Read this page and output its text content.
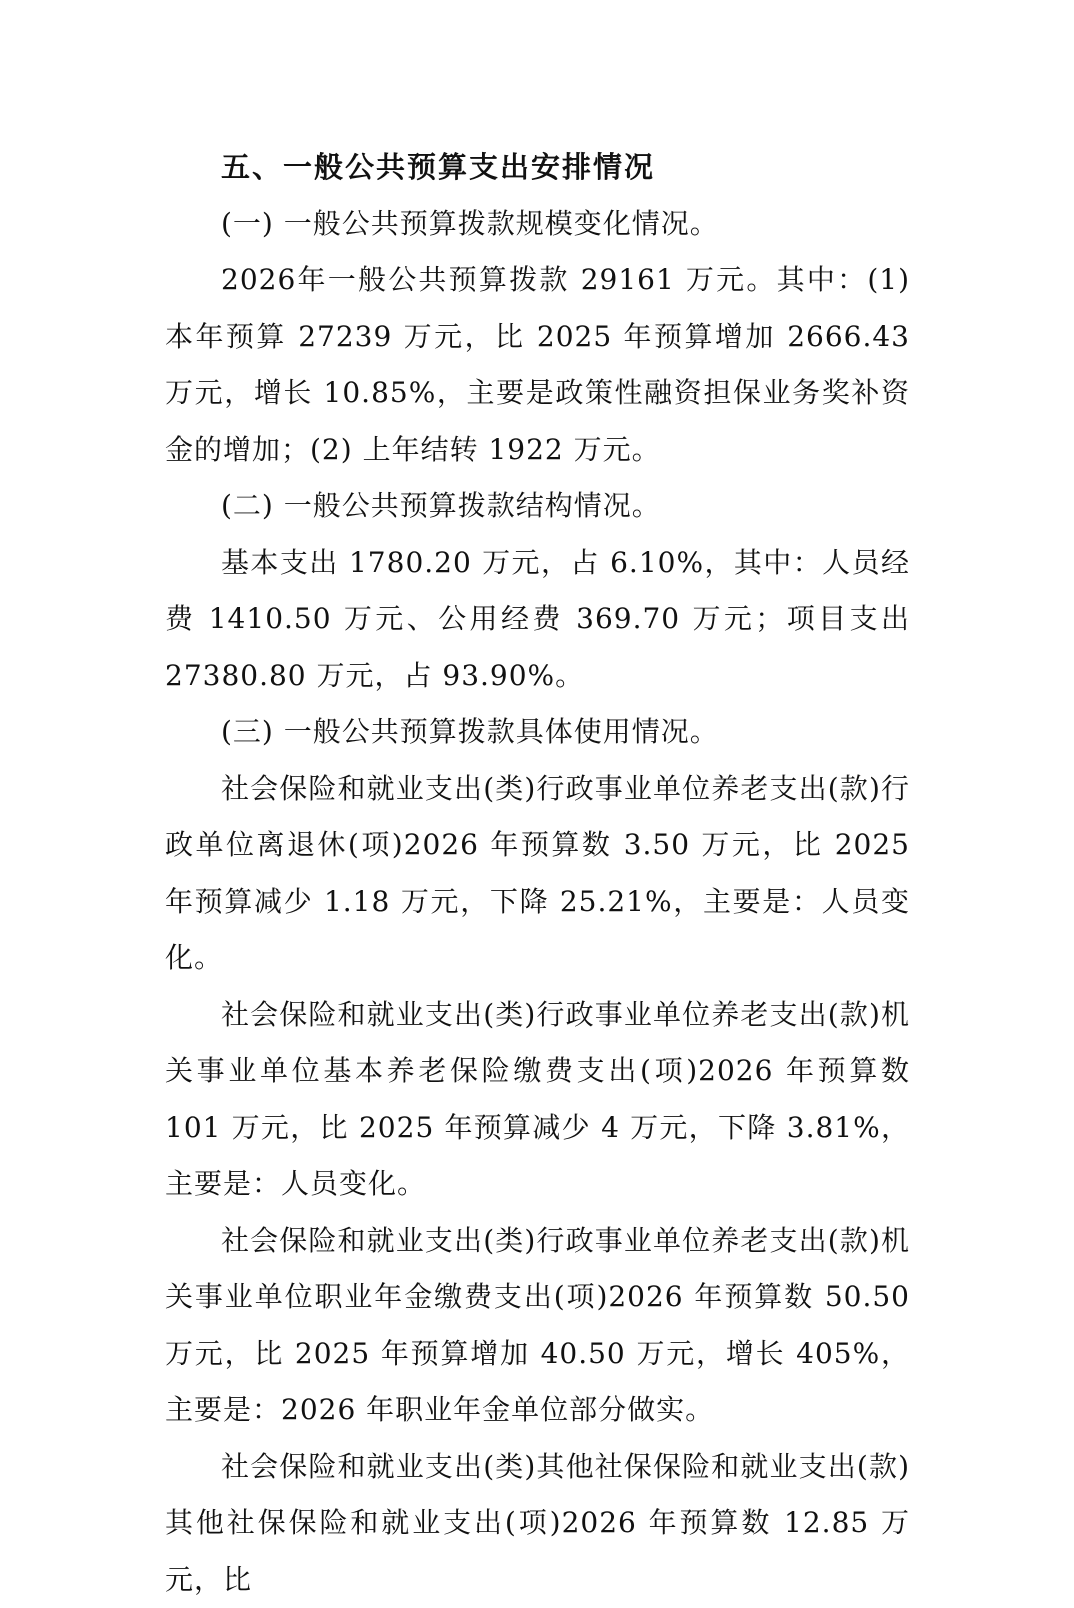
五、一般公共预算支出安排情况

(一) 一般公共预算拨款规模变化情况。

2026年一般公共预算拨款 29161 万元。其中：(1) 本年预算 27239 万元，比 2025 年预算增加 2666.43 万元，增长 10.85%，主要是政策性融资担保业务奖补资金的增加；(2) 上年结转 1922 万元。

(二) 一般公共预算拨款结构情况。

基本支出 1780.20 万元，占 6.10%，其中：人员经费 1410.50 万元、公用经费 369.70 万元；项目支出 27380.80 万元，占 93.90%。

(三) 一般公共预算拨款具体使用情况。

社会保险和就业支出(类)行政事业单位养老支出(款)行政单位离退休(项)2026 年预算数 3.50 万元，比 2025 年预算减少 1.18 万元，下降 25.21%，主要是：人员变化。

社会保险和就业支出(类)行政事业单位养老支出(款)机关事业单位基本养老保险缴费支出(项)2026 年预算数 101 万元，比 2025 年预算减少 4 万元，下降 3.81%，主要是：人员变化。

社会保险和就业支出(类)行政事业单位养老支出(款)机关事业单位职业年金缴费支出(项)2026 年预算数 50.50 万元，比 2025 年预算增加 40.50 万元，增长 405%，主要是：2026 年职业年金单位部分做实。

社会保险和就业支出(类)其他社保保险和就业支出(款)其他社保保险和就业支出(项)2026 年预算数 12.85 万元，比
